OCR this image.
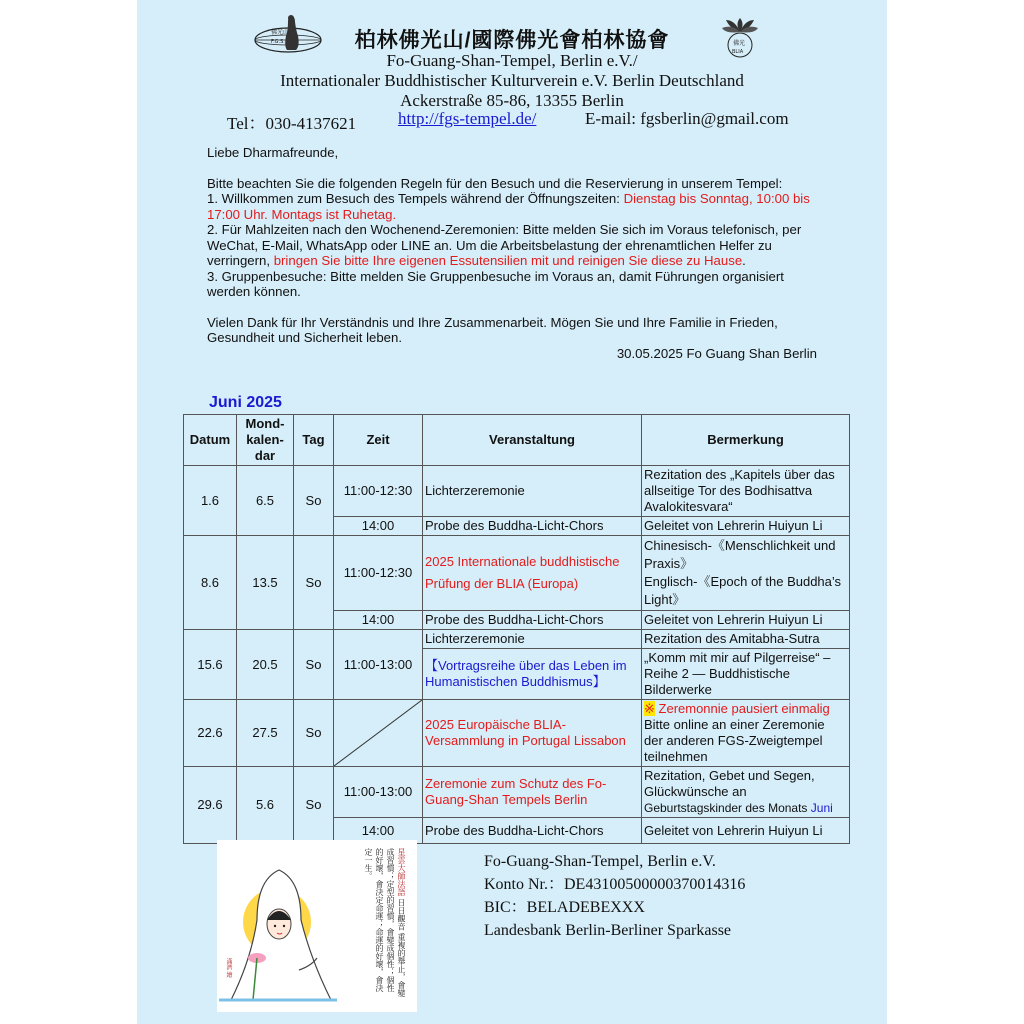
佛光山
F.G.S.	柏林佛光山/國際佛光會柏林協會	佛光
BLIA
Fo-Guang-Shan-Tempel, Berlin e.V./
Internationaler Buddhistischer Kulturverein e.V. Berlin Deutschland
Ackerstraße 85-86, 13355 Berlin
Tel：030-4137621 http://fgs-tempel.de/	E-mail: fgsberlin@gmail.com

Liebe Dharmafreunde,

Bitte beachten Sie die folgenden Regeln für den Besuch und die Reservierung in unserem Tempel:

1. Willkommen zum Besuch des Tempels während der Öffnungszeiten: Dienstag bis Sonntag, 10:00 bis 17:00 Uhr. Montags ist Ruhetag.

2. Für Mahlzeiten nach den Wochenend-Zeremonien: Bitte melden Sie sich im Voraus telefonisch, per WeChat, E-Mail, WhatsApp oder LINE an. Um die Arbeitsbelastung der ehrenamtlichen Helfer zu verringern, bringen Sie bitte Ihre eigenen Essutensilien mit und reinigen Sie diese zu Hause.

3. Gruppenbesuche: Bitte melden Sie Gruppenbesuche im Voraus an, damit Führungen organisiert werden können.

Vielen Dank für Ihr Verständnis und Ihre Zusammenarbeit. Mögen Sie und Ihre Familie in Frieden, Gesundheit und Sicherheit leben.

30.05.2025 Fo Guang Shan Berlin

Juni 2025
Datum	Mond-
kalen-
dar	Tag	Zeit	Veranstaltung	Bermerkung
1.6	6.5	So	11:00-12:30	Lichterzeremonie	Rezitation des „Kapitels über das allseitige Tor des Bodhisattva Avalokitesvara“
			14:00	Probe des Buddha-Licht-Chors	Geleitet von Lehrerin Huiyun Li
8.6	13.5	So	11:00-12:30	2025 Internationale buddhistische Prüfung der BLIA (Europa)	Chinesisch-《Menschlichkeit und Praxis》
Englisch-《Epoch of the Buddha’s Light》

			14:00	Probe des Buddha-Licht-Chors	Geleitet von Lehrerin Huiyun Li
15.6	20.5	So	11:00-13:00	Lichterzeremonie	Rezitation des Amitabha-Sutra
				【Vortragsreihe über das Leben im Humanistischen Buddhismus】	„Komm mit mir auf Pilgerreise“ – Reihe 2 — Buddhistische Bilderwerke
22.6	27.5	So		2025 Europäische BLIA-Versammlung in Portugal Lissabon	※ Zeremonnie pausiert einmalig
Bitte online an einer Zeremonie der anderen FGS-Zweigtempel teilnehmen
29.6	5.6	So	11:00-13:00	Zeremonie zum Schutz des Fo-Guang-Shan Tempels Berlin	Rezitation, Gebet und Segen, Glückwünsche an Geburtstagskinder des Monats Juni
			14:00	Probe des Buddha-Licht-Chors	Geleitet von Lehrerin Huiyun Li
星雲大師法語 日日觀音 重複的舉止，會變成習慣；定型的習慣，會變成個性；個性的好壞，會決定命運；命運的好壞，會決定一生。
滿濟 繪
Fo-Guang-Shan-Tempel, Berlin e.V.
Konto Nr.：DE43100500000370014316
BIC：BELADEBEXXX
Landesbank Berlin-Berliner Sparkasse
